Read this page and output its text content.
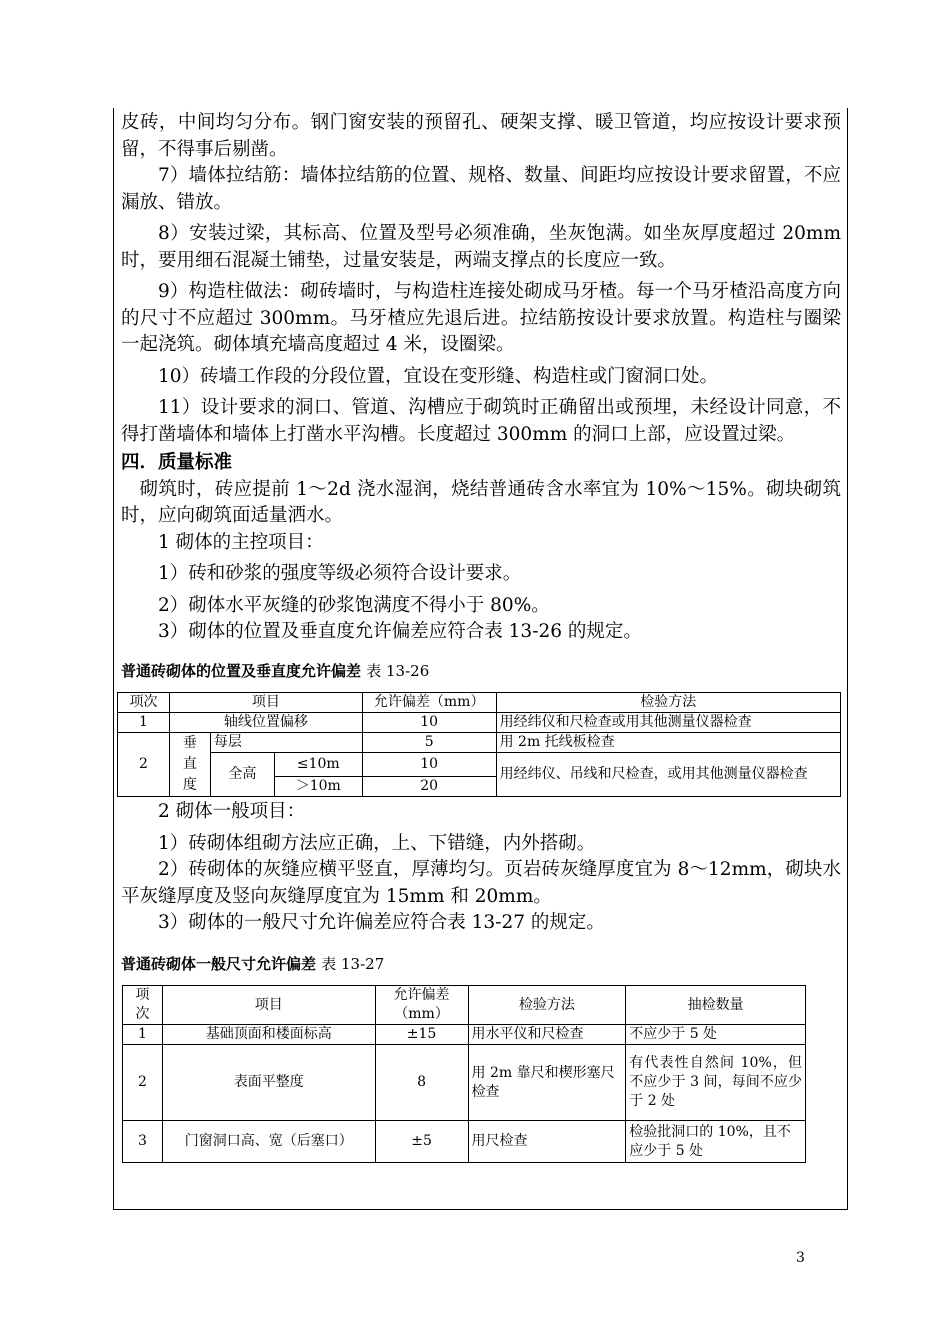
皮砖，中间均匀分布。钢门窗安装的预留孔、硬架支撑、暖卫管道，均应按设计要求预留，不得事后剔凿。

7）墙体拉结筋：墙体拉结筋的位置、规格、数量、间距均应按设计要求留置，不应漏放、错放。

8）安装过梁，其标高、位置及型号必须准确，坐灰饱满。如坐灰厚度超过 20mm 时，要用细石混凝土铺垫，过量安装是，两端支撑点的长度应一致。

9）构造柱做法：砌砖墙时，与构造柱连接处砌成马牙楂。每一个马牙楂沿高度方向的尺寸不应超过 300mm。马牙楂应先退后进。拉结筋按设计要求放置。构造柱与圈梁一起浇筑。砌体填充墙高度超过 4 米，设圈梁。

10）砖墙工作段的分段位置，宜设在变形缝、构造柱或门窗洞口处。

11）设计要求的洞口、管道、沟槽应于砌筑时正确留出或预埋，未经设计同意，不得打凿墙体和墙体上打凿水平沟槽。长度超过 300mm 的洞口上部，应设置过梁。

四．质量标准

砌筑时，砖应提前 1～2d 浇水湿润，烧结普通砖含水率宜为 10%～15%。砌块砌筑时，应向砌筑面适量洒水。

1 砌体的主控项目：

1）砖和砂浆的强度等级必须符合设计要求。

2）砌体水平灰缝的砂浆饱满度不得小于 80%。

3）砌体的位置及垂直度允许偏差应符合表 13-26 的规定。

普通砖砌体的位置及垂直度允许偏差 表 13-26

项次	项目			允许偏差（mm）	检验方法
1	轴线位置偏移			10	用经纬仪和尺检查或用其他测量仪器检查
2	垂直度	每层		5	用 2m 托线板检查
		全高	≤10m	10	用经纬仪、吊线和尺检查，或用其他测量仪器检查
			＞10m	20	

2 砌体一般项目：

1）砖砌体组砌方法应正确，上、下错缝，内外搭砌。

2）砖砌体的灰缝应横平竖直，厚薄均匀。页岩砖灰缝厚度宜为 8～12mm，砌块水平灰缝厚度及竖向灰缝厚度宜为 15mm 和 20mm。

3）砌体的一般尺寸允许偏差应符合表 13-27 的规定。

普通砖砌体一般尺寸允许偏差 表 13-27

项次	项目	允许偏差（mm）	检验方法	抽检数量
1	基础顶面和楼面标高	±15	用水平仪和尺检查	不应少于 5 处
2	表面平整度	8	用 2m 靠尺和楔形塞尺检查	有代表性自然间 10%，但不应少于 3 间，每间不应少于 2 处
3	门窗洞口高、宽（后塞口）	±5	用尺检查	检验批洞口的 10%，且不应少于 5 处
3
